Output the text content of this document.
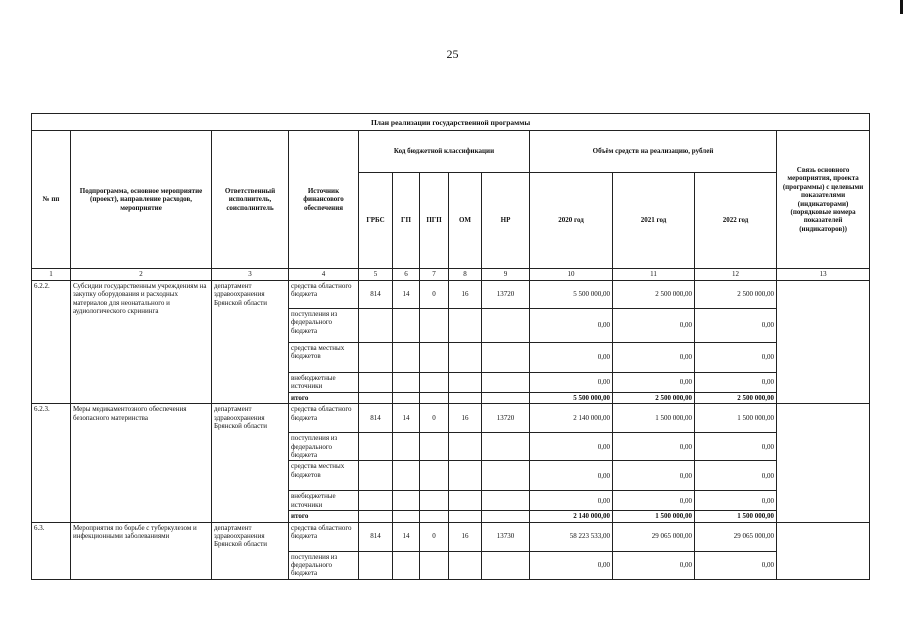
25
План реализации государственной программы												
№ пп	Подпрограмма, основное мероприятие (проект), направление расходов, мероприятие	Ответственный исполнитель, соисполнитель	Источник финансового обеспечения	Код бюджетной классификации					Объём средств на реализацию, рублей			Связь основного мероприятия, проекта (программы) с целевыми показателями (индикаторами) (порядковые номера показателей (индикаторов))
				ГРБС	ГП	ПГП	ОМ	НР	2020 год	2021 год	2022 год	
1	2	3	4	5	6	7	8	9	10	11	12	13
6.2.2.	Субсидии государственным учреждениям на закупку оборудования и расходных материалов для неонатального и аудиологического скрининга	департамент здравоохранения Брянской области	средства областного бюджета	814	14	0	16	13720	5 500 000,00	2 500 000,00	2 500 000,00	
			поступления из федерального бюджета						0,00	0,00	0,00	
			средства местных бюджетов						0,00	0,00	0,00	
			внебюджетные источники						0,00	0,00	0,00	
			итого						5 500 000,00	2 500 000,00	2 500 000,00	
6.2.3.	Меры медикаментозного обеспечения безопасного материнства	департамент здравоохранения Брянской области	средства областного бюджета	814	14	0	16	13720	2 140 000,00	1 500 000,00	1 500 000,00	
			поступления из федерального бюджета						0,00	0,00	0,00	
			средства местных бюджетов						0,00	0,00	0,00	
			внебюджетные источники						0,00	0,00	0,00	
			итого						2 140 000,00	1 500 000,00	1 500 000,00	
6.3.	Мероприятия по борьбе с туберкулезом и инфекционными заболеваниями	департамент здравоохранения Брянской области	средства областного бюджета	814	14	0	16	13730	58 223 533,00	29 065 000,00	29 065 000,00	
			поступления из федерального бюджета						0,00	0,00	0,00	
